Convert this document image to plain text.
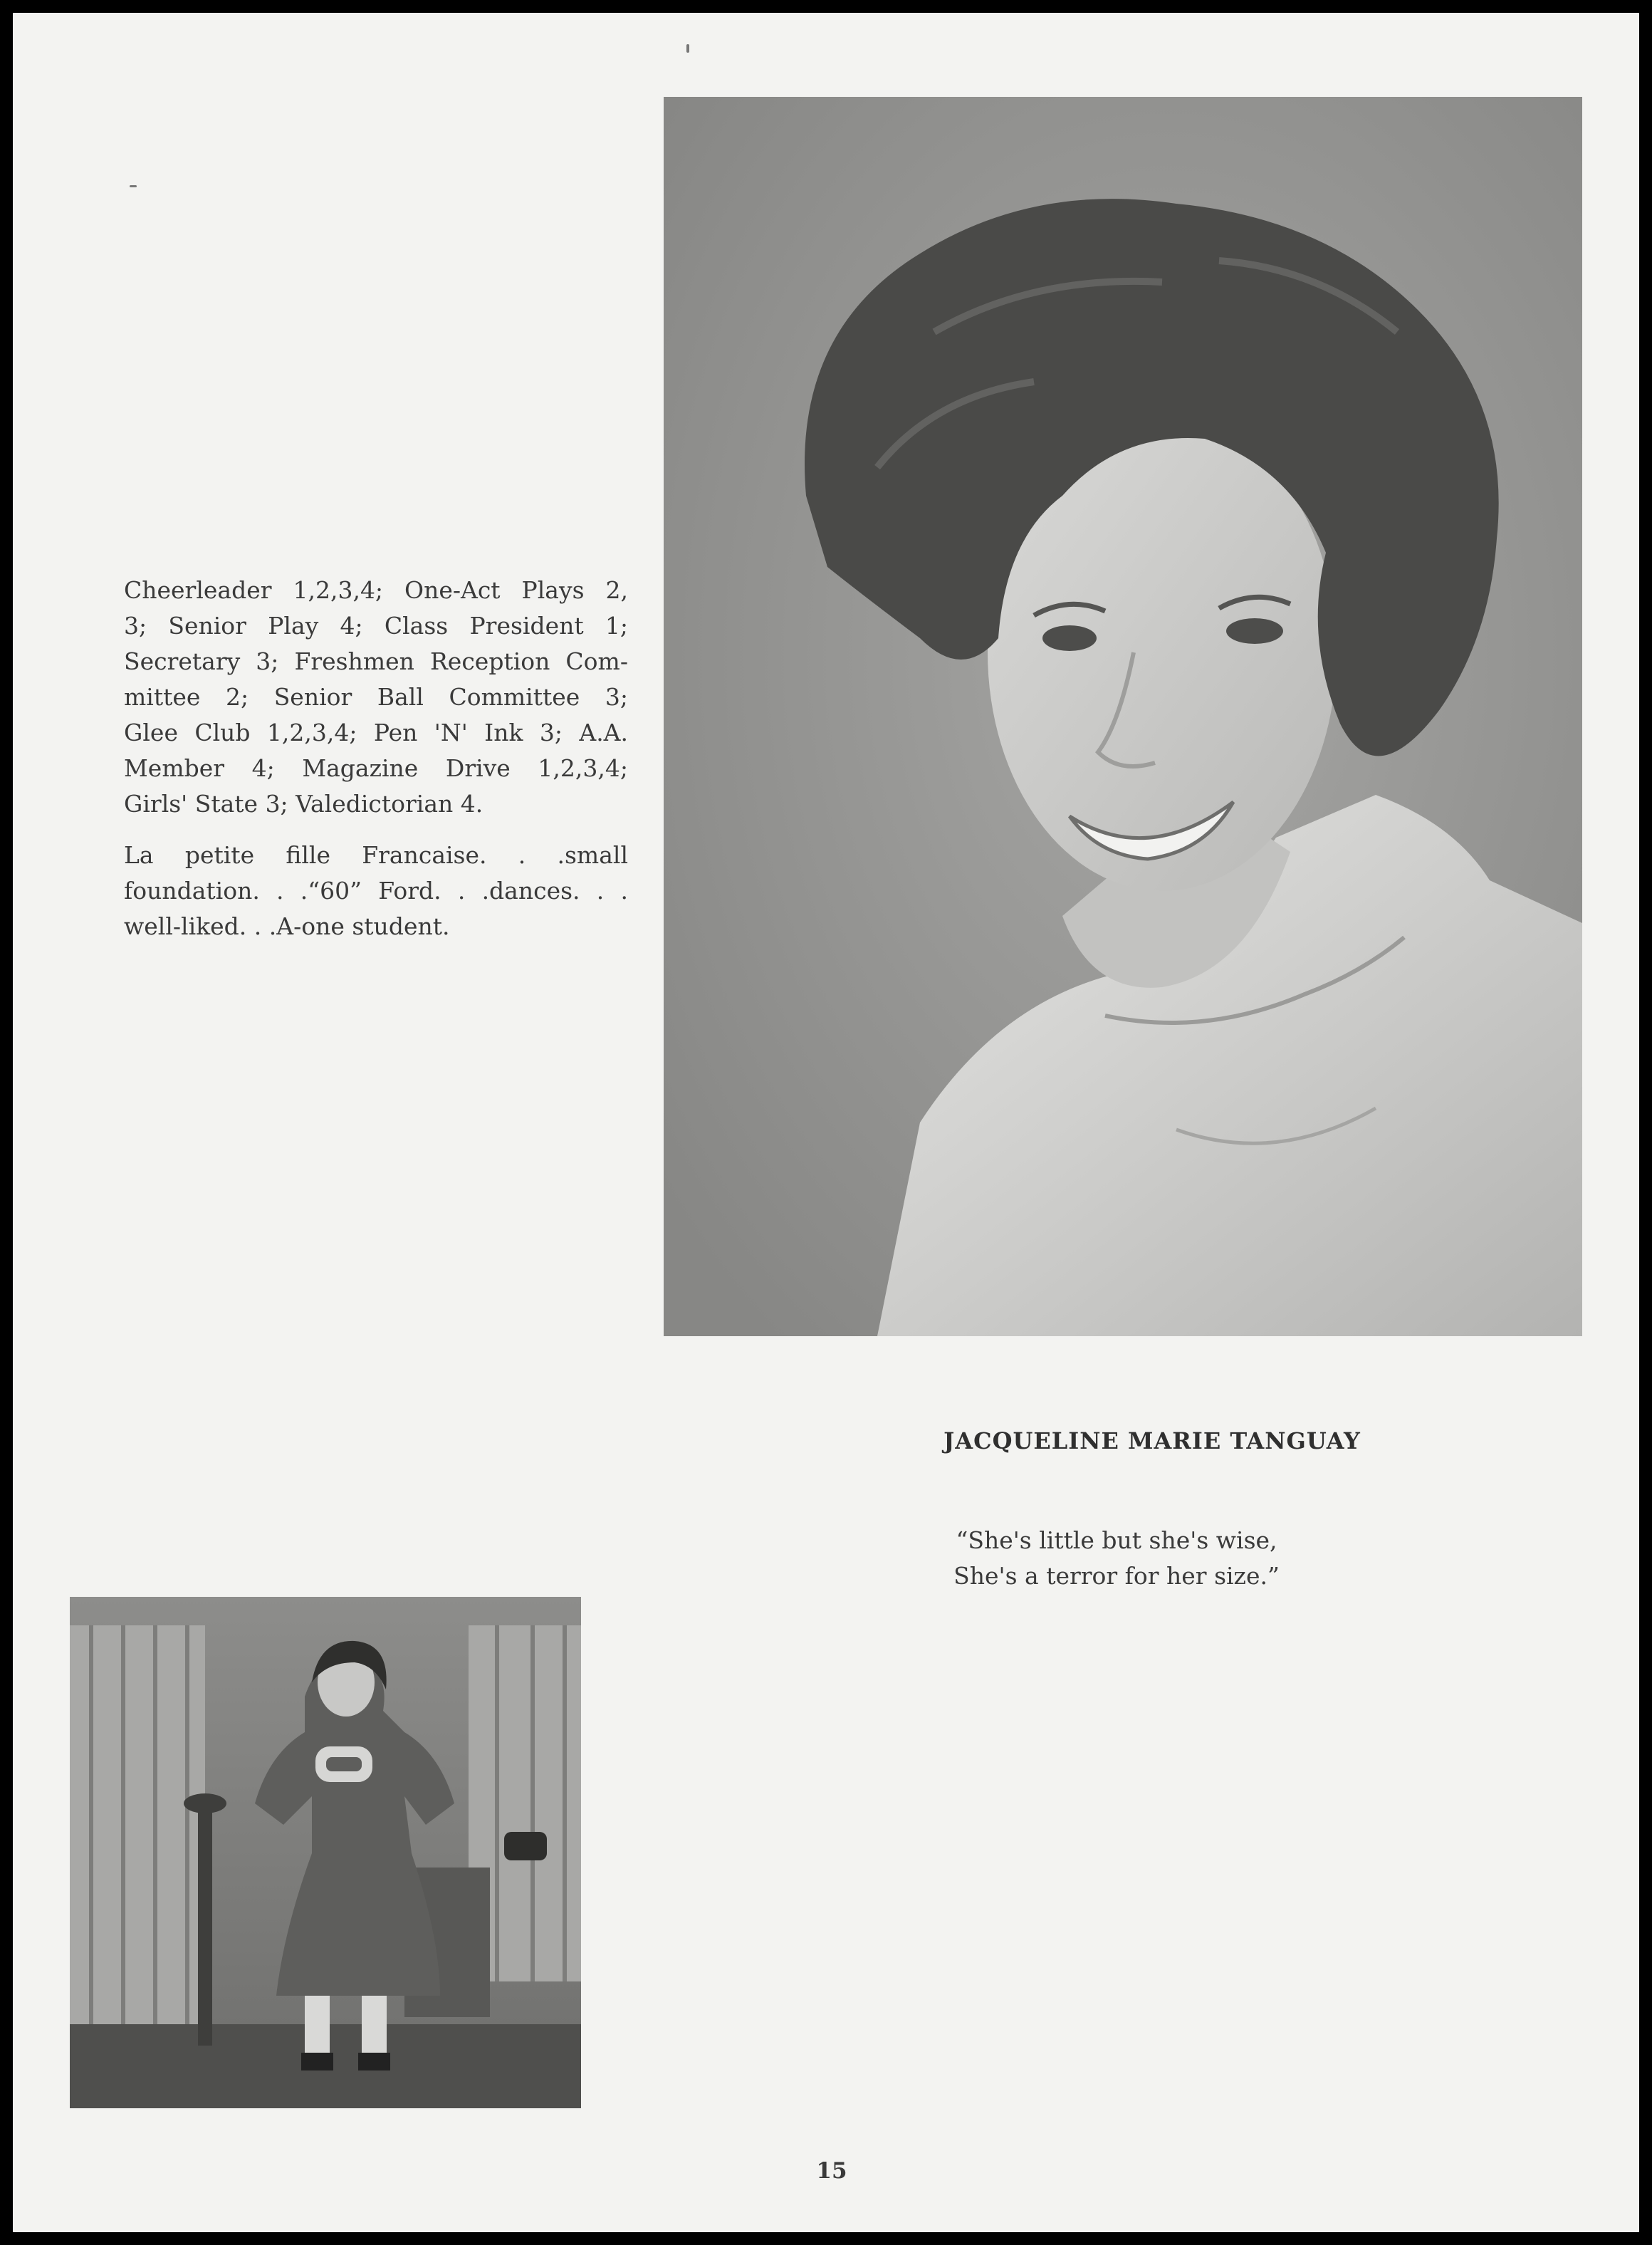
Cheerleader 1,2,3,4; One-Act Plays 2,
3; Senior Play 4; Class President 1;
Secretary 3; Freshmen Reception Com-
mittee 2; Senior Ball Committee 3;
Glee Club 1,2,3,4; Pen 'N' Ink 3; A.A.
Member 4; Magazine Drive 1,2,3,4;
Girls' State 3; Valedictorian 4.
La petite fille Francaise. . .small
foundation. . .“60” Ford. . .dances. . .
well-liked. . .A-one student.
JACQUELINE MARIE TANGUAY
“She's little but she's wise,
She's a terror for her size.”
15
